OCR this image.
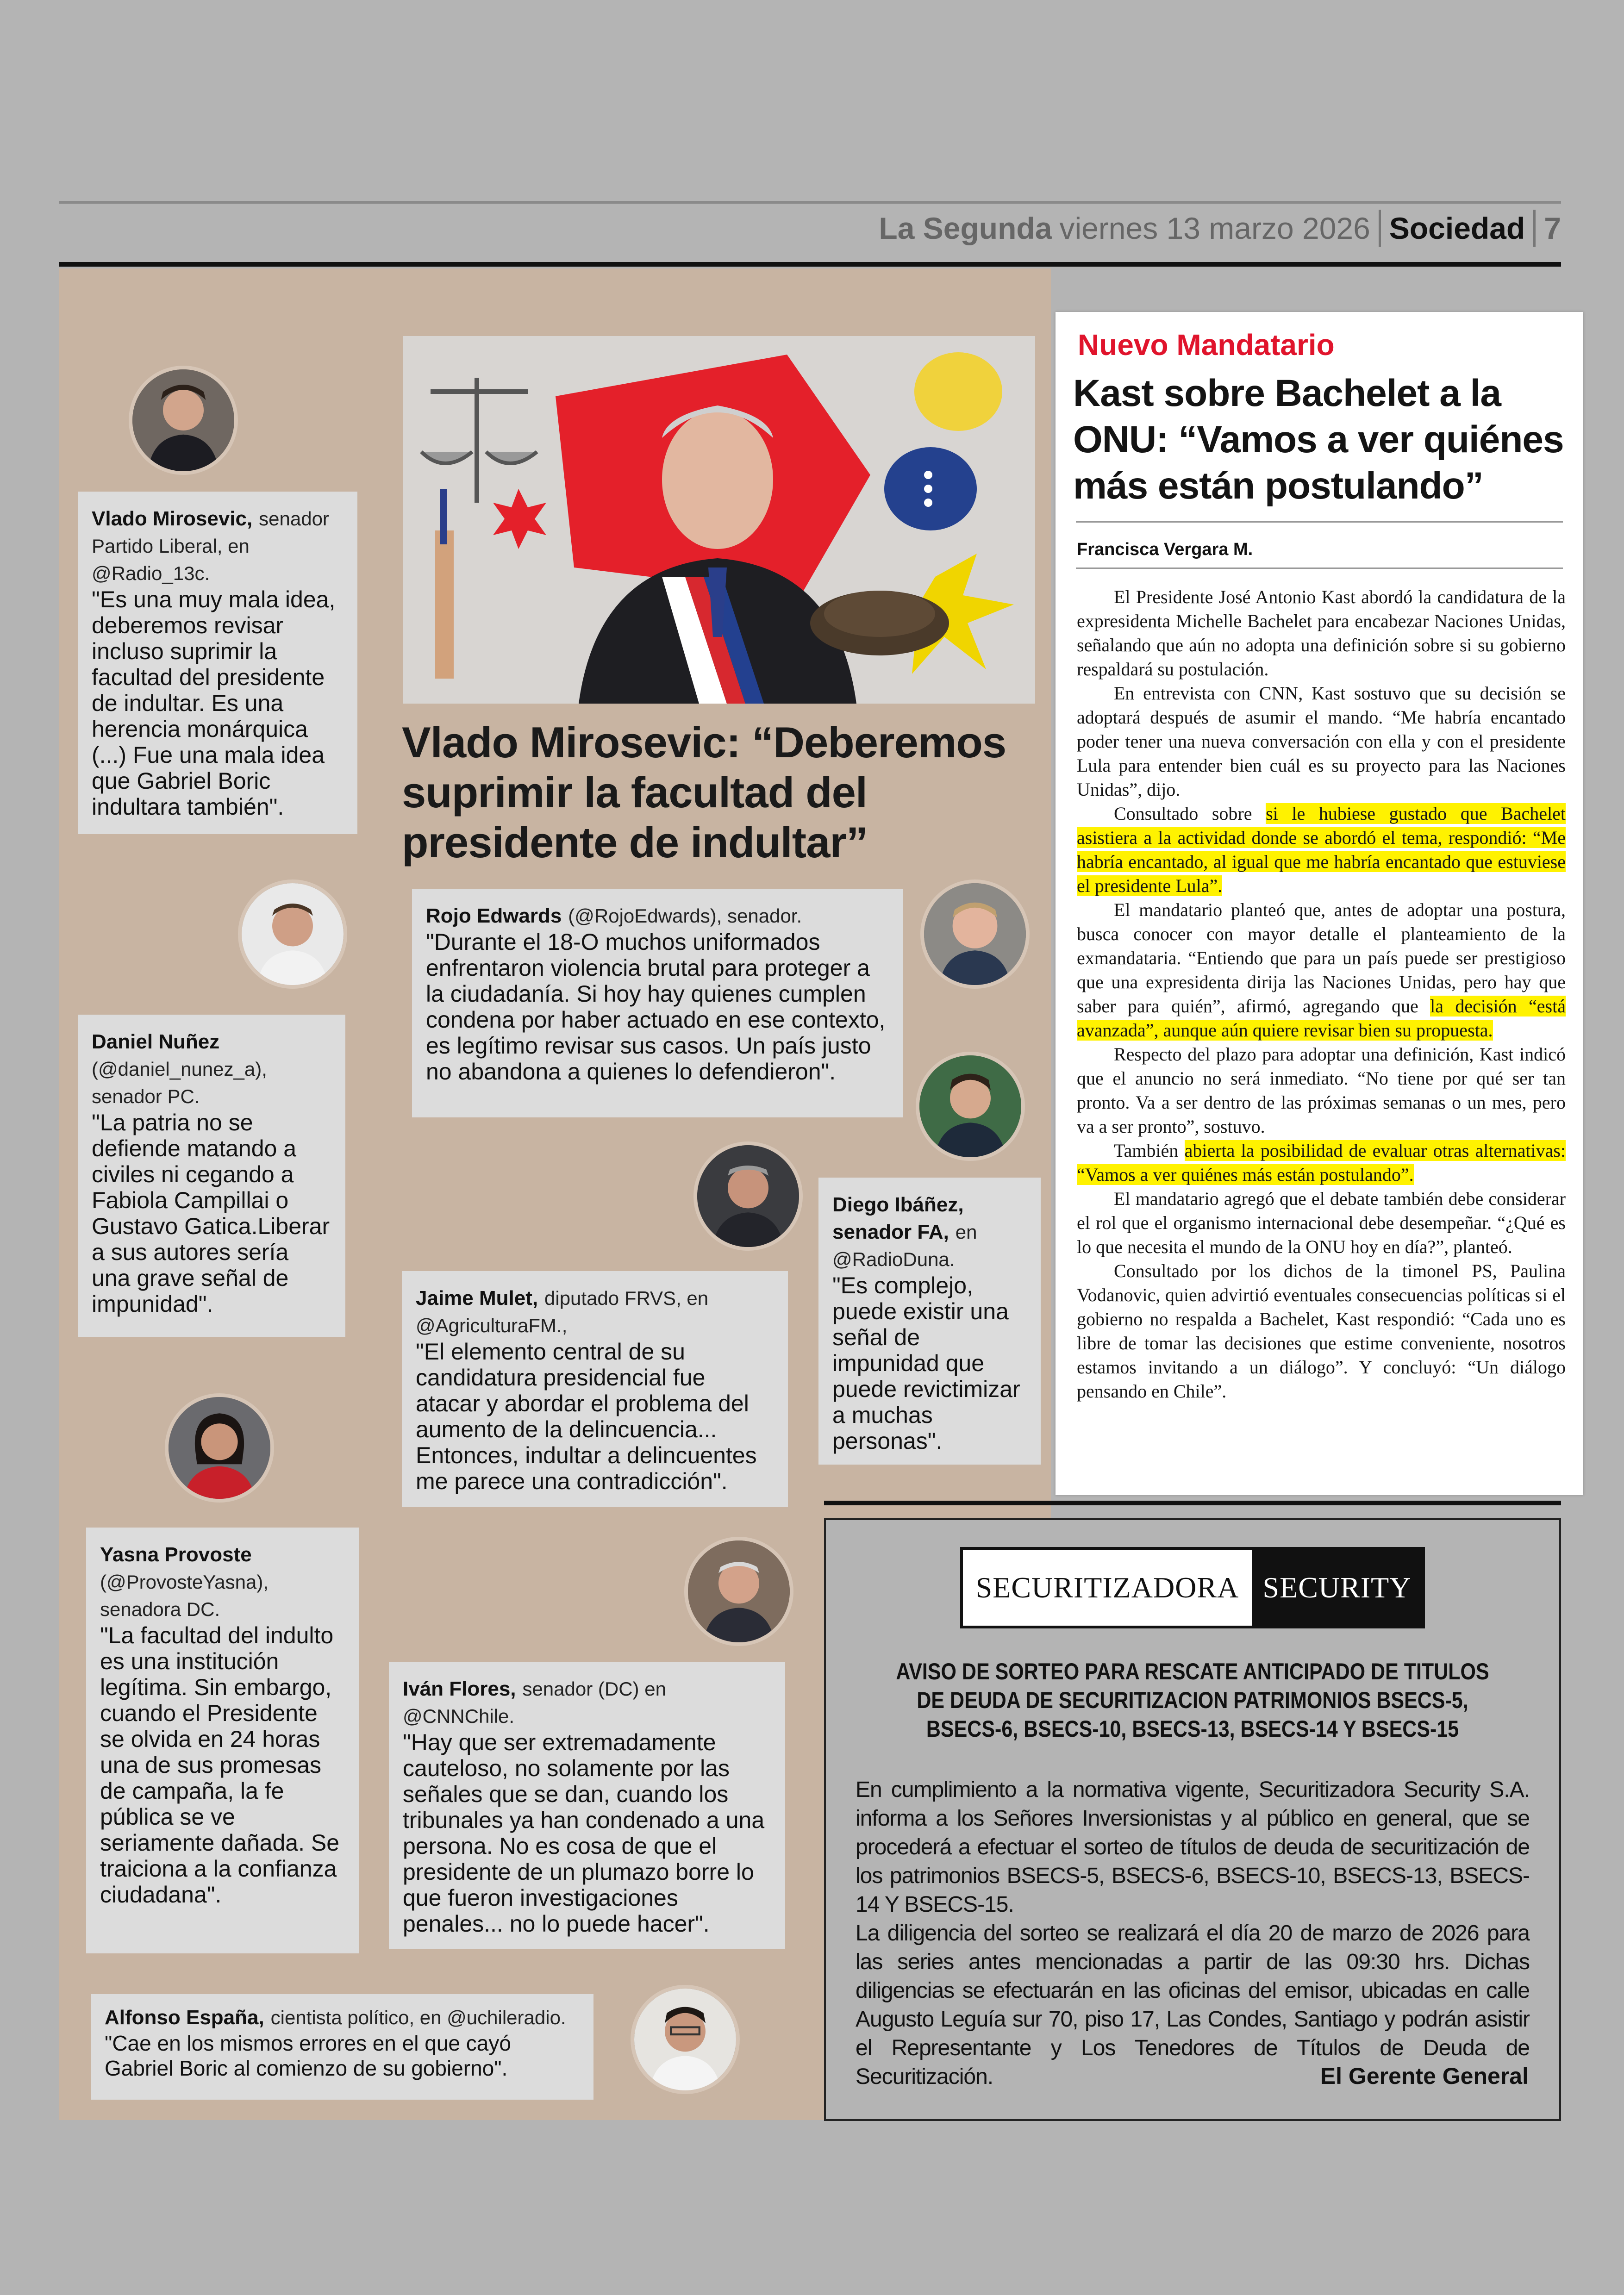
La Segunda viernes 13 marzo 2026 Sociedad 7
Vlado Mirosevic: “Deberemos suprimir la facultad del presidente de indultar”
Vlado Mirosevic, senador Partido Liberal, en @Radio_13c.
"Es una muy mala idea, deberemos revisar incluso suprimir la facultad del presidente de indultar. Es una herencia monárquica (...) Fue una mala idea que Gabriel Boric indultara también".
Rojo Edwards (@RojoEdwards), senador.
"Durante el 18-O muchos uniformados enfrentaron violencia brutal para proteger a la ciudadanía. Si hoy hay quienes cumplen condena por haber actuado en ese contexto, es legítimo revisar sus casos. Un país justo no abandona a quienes lo defendieron".
Daniel Nuñez (@daniel_nunez_a), senador PC.
"La patria no se defiende matando a civiles ni cegando a Fabiola Campillai o Gustavo Gatica.Liberar a sus autores sería una grave señal de impunidad".
Diego Ibáñez, senador FA, en @RadioDuna.
"Es complejo, puede existir una señal de impunidad que puede revictimizar a muchas personas".
Jaime Mulet, diputado FRVS, en @AgriculturaFM.,
"El elemento central de su candidatura presidencial fue atacar y abordar el problema del aumento de la delincuencia... Entonces, indultar a delincuentes me parece una contradicción".
Yasna Provoste (@ProvosteYasna), senadora DC.
"La facultad del indulto es una institución legítima. Sin embargo, cuando el Presidente se olvida en 24 horas una de sus promesas de campaña, la fe pública se ve seriamente dañada. Se traiciona a la confianza ciudadana".
Iván Flores, senador (DC) en @CNNChile.
"Hay que ser extremadamente cauteloso, no solamente por las señales que se dan, cuando los tribunales ya han condenado a una persona. No es cosa de que el presidente de un plumazo borre lo que fueron investigaciones penales... no lo puede hacer".
Alfonso España, cientista político, en @uchileradio.
"Cae en los mismos errores en el que cayó Gabriel Boric al comienzo de su gobierno".
Nuevo Mandatario
Kast sobre Bachelet a la ONU: “Vamos a ver quiénes más están postulando”
Francisca Vergara M.

El Presidente José Antonio Kast abordó la candidatura de la expresidenta Michelle Bachelet para encabezar Naciones Unidas, señalando que aún no adopta una definición sobre si su gobierno respaldará su postulación.

En entrevista con CNN, Kast sostuvo que su decisión se adoptará después de asumir el mando. “Me habría encantado poder tener una nueva conversación con ella y con el presidente Lula para entender bien cuál es su proyecto para las Naciones Unidas”, dijo.

Consultado sobre si le hubiese gustado que Bachelet asistiera a la actividad donde se abordó el tema, respondió: “Me habría encantado, al igual que me habría encantado que estuviese el presidente Lula”.

El mandatario planteó que, antes de adoptar una postura, busca conocer con mayor detalle el planteamiento de la exmandataria. “Entiendo que para un país puede ser prestigioso que una expresidenta dirija las Naciones Unidas, pero hay que saber para quién”, afirmó, agregando que la decisión “está avanzada”, aunque aún quiere revisar bien su propuesta.

Respecto del plazo para adoptar una definición, Kast indicó que el anuncio no será inmediato. “No tiene por qué ser tan pronto. Va a ser dentro de las próximas semanas o un mes, pero va a ser pronto”, sostuvo.

También abierta la posibilidad de evaluar otras alternativas: “Vamos a ver quiénes más están postulando”.

El mandatario agregó que el debate también debe considerar el rol que el organismo internacional debe desempeñar. “¿Qué es lo que necesita el mundo de la ONU hoy en día?”, planteó.

Consultado por los dichos de la timonel PS, Paulina Vodanovic, quien advirtió eventuales consecuencias políticas si el gobierno no respalda a Bachelet, Kast respondió: “Cada uno es libre de tomar las decisiones que estime conveniente, nosotros estamos invitando a un diálogo”. Y concluyó: “Un diálogo pensando en Chile”.

SECURITIZADORA SECURITY
AVISO DE SORTEO PARA RESCATE ANTICIPADO DE TITULOS DE DEUDA DE SECURITIZACION PATRIMONIOS BSECS-5, BSECS-6, BSECS-10, BSECS-13, BSECS-14 Y BSECS-15
En cumplimiento a la normativa vigente, Securitizadora Security S.A. informa a los Señores Inversionistas y al público en general, que se procederá a efectuar el sorteo de títulos de deuda de securitización de los patrimonios BSECS-5, BSECS-6, BSECS-10, BSECS-13, BSECS-14 Y BSECS-15.
La diligencia del sorteo se realizará el día 20 de marzo de 2026 para las series antes mencionadas a partir de las 09:30 hrs. Dichas diligencias se efectuarán en las oficinas del emisor, ubicadas en calle Augusto Leguía sur 70, piso 17, Las Condes, Santiago y podrán asistir el Representante y Los Tenedores de Títulos de Deuda de Securitización.	El Gerente General
